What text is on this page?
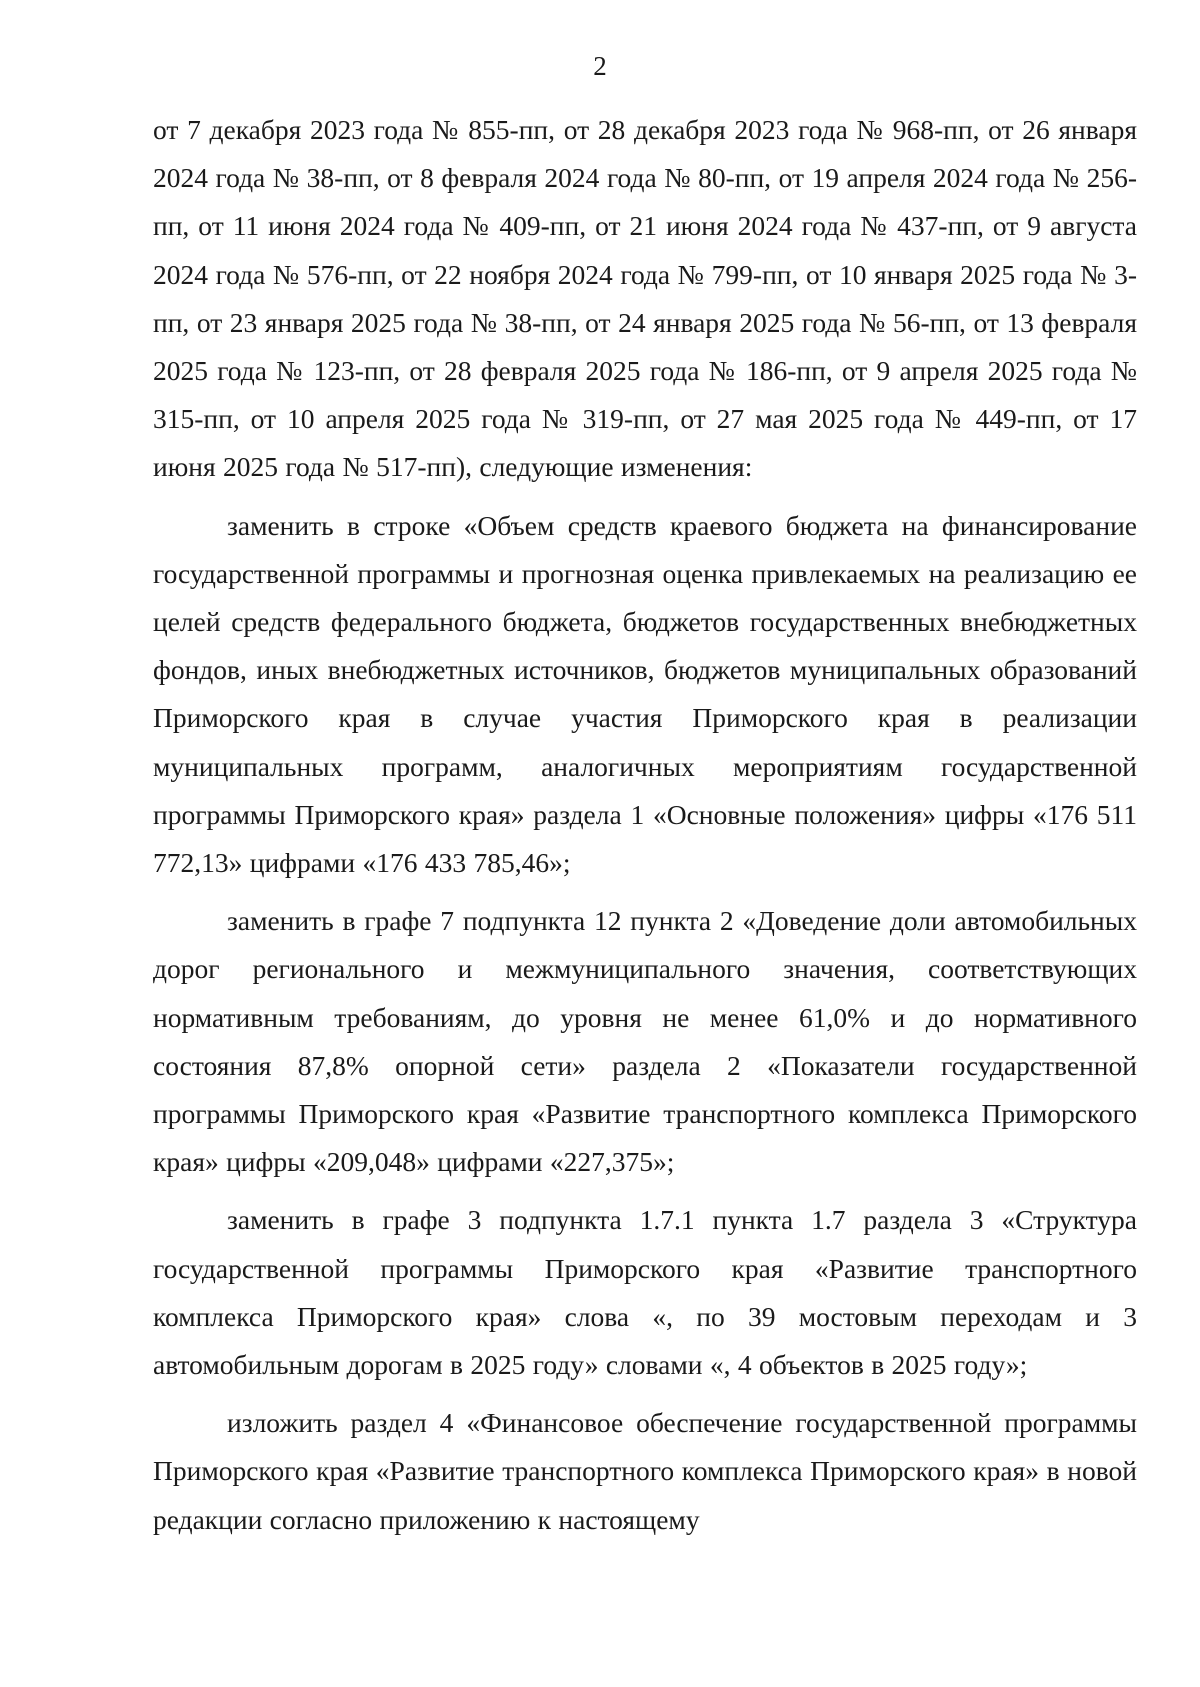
2

от 7 декабря 2023 года № 855-пп, от 28 декабря 2023 года № 968-пп, от 26 января 2024 года № 38-пп, от 8 февраля 2024 года № 80-пп, от 19 апреля 2024 года № 256-пп, от 11 июня 2024 года № 409-пп, от 21 июня 2024 года № 437-пп, от 9 августа 2024 года № 576-пп, от 22 ноября 2024 года № 799-пп, от 10 января 2025 года № 3-пп, от 23 января 2025 года № 38-пп, от 24 января 2025 года № 56-пп, от 13 февраля 2025 года № 123-пп, от 28 февраля 2025 года № 186-пп, от 9 апреля 2025 года № 315-пп, от 10 апреля 2025 года № 319-пп, от 27 мая 2025 года № 449-пп, от 17 июня 2025 года № 517-пп), следующие изменения:

заменить в строке «Объем средств краевого бюджета на финансирование государственной программы и прогнозная оценка привлекаемых на реализацию ее целей средств федерального бюджета, бюджетов государственных внебюджетных фондов, иных внебюджетных источников, бюджетов муниципальных образований Приморского края в случае участия Приморского края в реализации муниципальных программ, аналогичных мероприятиям государственной программы Приморского края» раздела 1 «Основные положения» цифры «176 511 772,13» цифрами «176 433 785,46»;

заменить в графе 7 подпункта 12 пункта 2 «Доведение доли автомобильных дорог регионального и межмуниципального значения, соответствующих нормативным требованиям, до уровня не менее 61,0% и до нормативного состояния 87,8% опорной сети» раздела 2 «Показатели государственной программы Приморского края «Развитие транспортного комплекса Приморского края» цифры «209,048» цифрами «227,375»;

заменить в графе 3 подпункта 1.7.1 пункта 1.7 раздела 3 «Структура государственной программы Приморского края «Развитие транспортного комплекса Приморского края» слова «, по 39 мостовым переходам и 3 автомобильным дорогам в 2025 году» словами «, 4 объектов в 2025 году»;

изложить раздел 4 «Финансовое обеспечение государственной программы Приморского края «Развитие транспортного комплекса Приморского края» в новой редакции согласно приложению к настоящему
